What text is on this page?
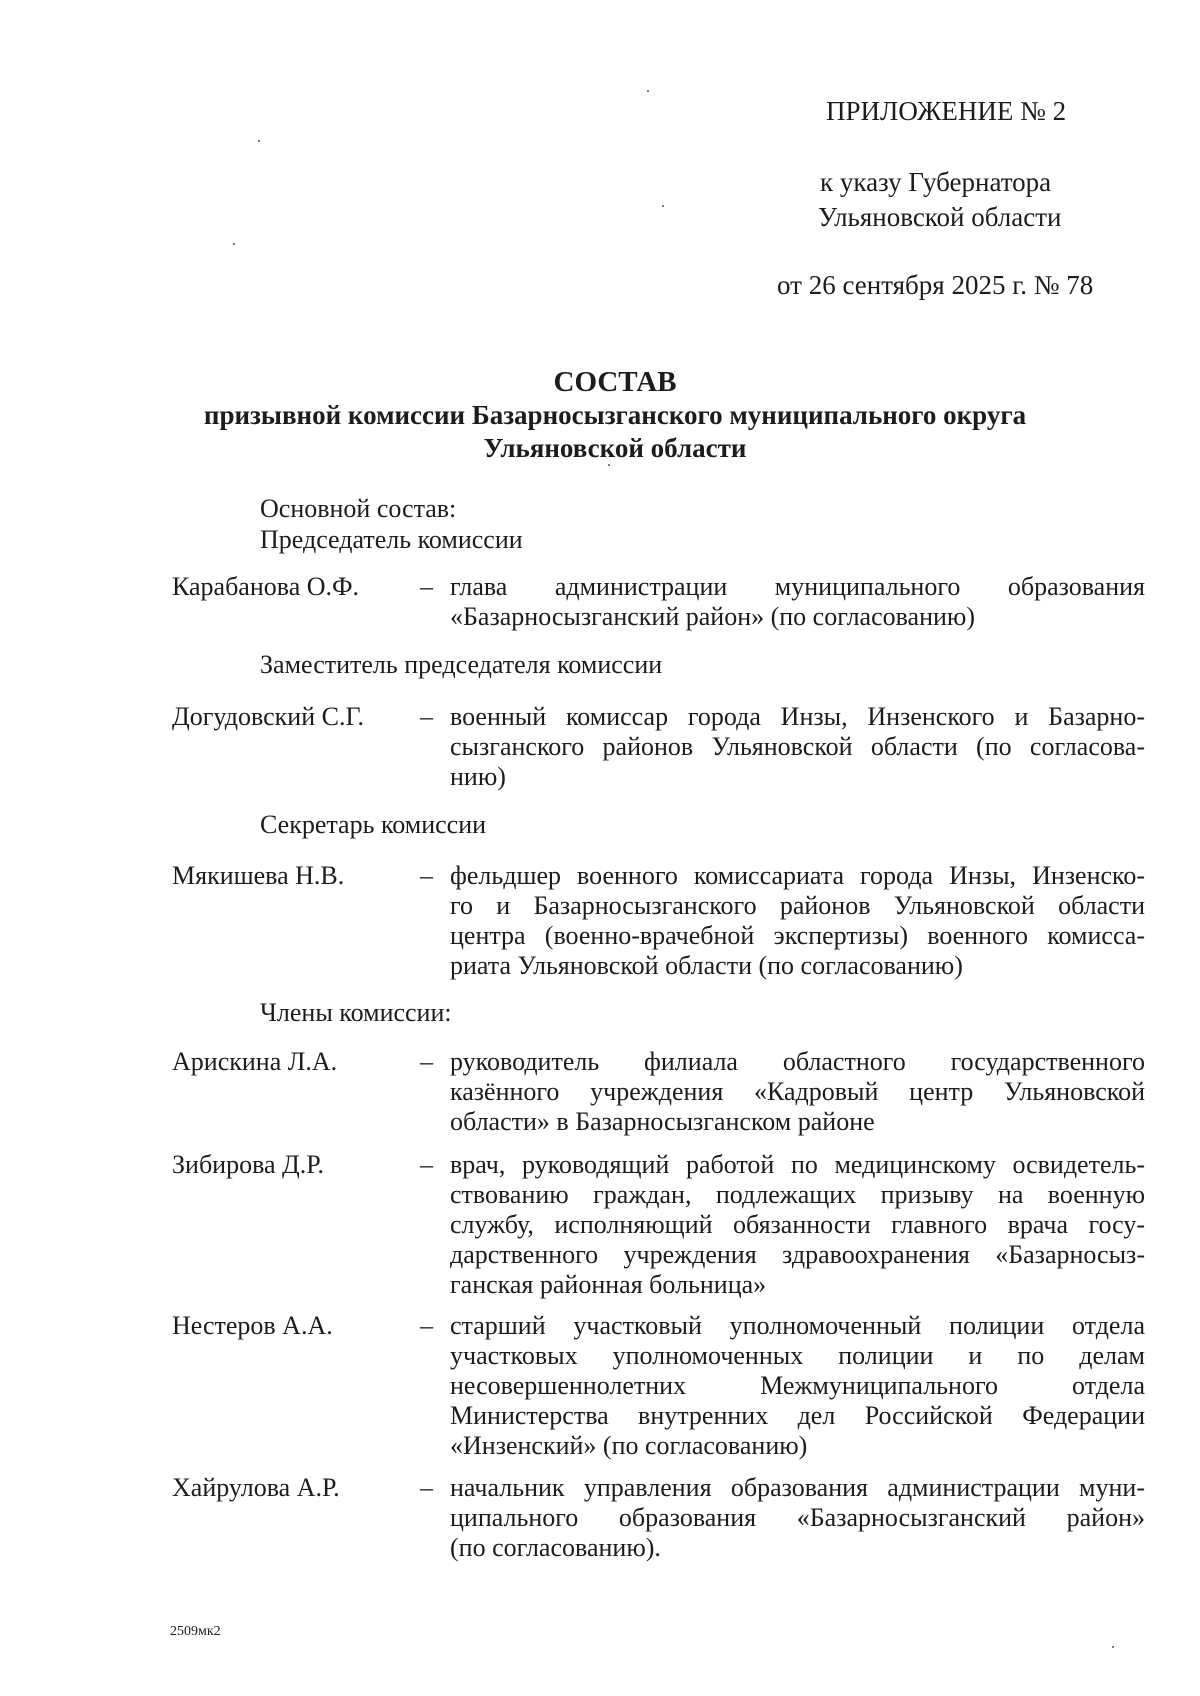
ПРИЛОЖЕНИЕ № 2
к указу Губернатора
Ульяновской области
от 26 сентября 2025 г. № 78
СОСТАВ
призывной комиссии Базарносызганского муниципального округа
Ульяновской области
Основной состав:
Председатель комиссии
Карабанова О.Ф. – глава администрации муниципального образования
«Базарносызганский район» (по согласованию)
Заместитель председателя комиссии
Догудовский С.Г. – военный комиссар города Инзы, Инзенского и Базарно-
сызганского районов Ульяновской области (по согласова-
нию)
Секретарь комиссии
Мякишева Н.В.	– фельдшер военного комиссариата города Инзы, Инзенско-
го и Базарносызганского районов Ульяновской области
центра (военно-врачебной экспертизы) военного комисса-
риата Ульяновской области (по согласованию)
Члены комиссии:
Арискина Л.А.	– руководитель филиала областного государственного
казённого учреждения «Кадровый центр Ульяновской
области» в Базарносызганском районе
Зибирова Д.Р.	– врач, руководящий работой по медицинскому освидетель-
ствованию граждан, подлежащих призыву на военную
службу, исполняющий обязанности главного врача госу-
дарственного учреждения здравоохранения «Базарносыз-
ганская районная больница»
Нестеров А.А.	– старший участковый уполномоченный полиции отдела
участковых уполномоченных полиции и по делам
несовершеннолетних Межмуниципального отдела
Министерства внутренних дел Российской Федерации
«Инзенский» (по согласованию)
Хайрулова А.Р.	– начальник управления образования администрации муни-
ципального образования «Базарносызганский район»
(по согласованию).
2509мк2
